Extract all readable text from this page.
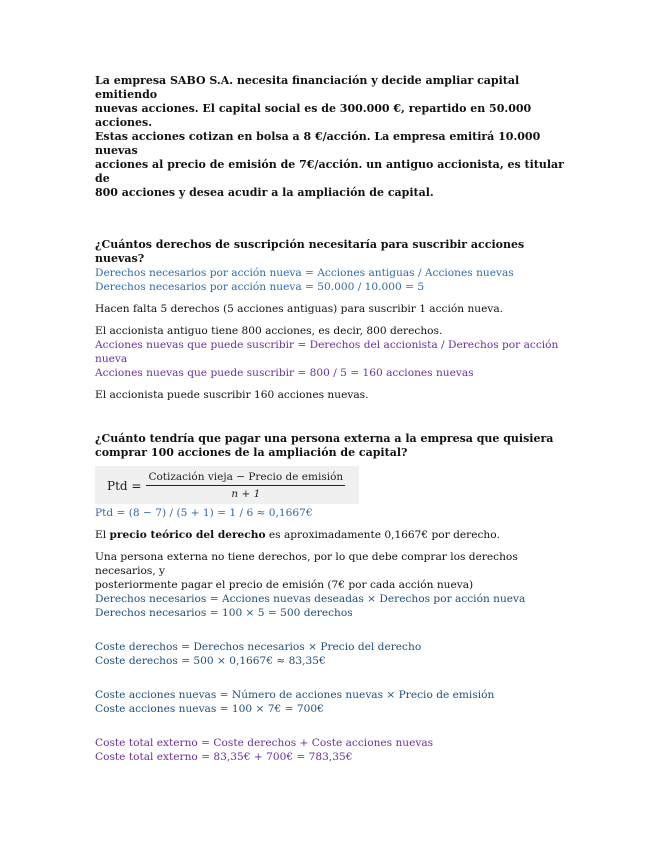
La empresa SABO S.A. necesita financiación y decide ampliar capital emitiendo

nuevas acciones. El capital social es de 300.000 €, repartido en 50.000 acciones.

Estas acciones cotizan en bolsa a 8 €/acción. La empresa emitirá 10.000 nuevas

acciones al precio de emisión de 7€/acción. un antiguo accionista, es titular de

800 acciones y desea acudir a la ampliación de capital.

¿Cuántos derechos de suscripción necesitaría para suscribir acciones nuevas?

Derechos necesarios por acción nueva = Acciones antiguas / Acciones nuevas

Derechos necesarios por acción nueva = 50.000 / 10.000 = 5

Hacen falta 5 derechos (5 acciones antiguas) para suscribir 1 acción nueva.

El accionista antiguo tiene 800 acciones, es decir, 800 derechos.

Acciones nuevas que puede suscribir = Derechos del accionista / Derechos por acción nueva

Acciones nuevas que puede suscribir = 800 / 5 = 160 acciones nuevas

El accionista puede suscribir 160 acciones nuevas.

¿Cuánto tendría que pagar una persona externa a la empresa que quisiera

comprar 100 acciones de la ampliación de capital?

Ptd = $\frac{\text{Cotización vieja − Precio de emisión}}{n + 1}$

Ptd = (8 − 7) / (5 + 1) = 1 / 6 ≈ 0,1667€

El precio teórico del derecho es aproximadamente 0,1667€ por derecho.

Una persona externa no tiene derechos, por lo que debe comprar los derechos necesarios, y

posteriormente pagar el precio de emisión (7€ por cada acción nueva)

Derechos necesarios = Acciones nuevas deseadas × Derechos por acción nueva

Derechos necesarios = 100 × 5 = 500 derechos

Coste derechos = Derechos necesarios × Precio del derecho

Coste derechos = 500 × 0,1667€ ≈ 83,35€

Coste acciones nuevas = Número de acciones nuevas × Precio de emisión

Coste acciones nuevas = 100 × 7€ = 700€

Coste total externo = Coste derechos + Coste acciones nuevas

Coste total externo = 83,35€ + 700€ = 783,35€
